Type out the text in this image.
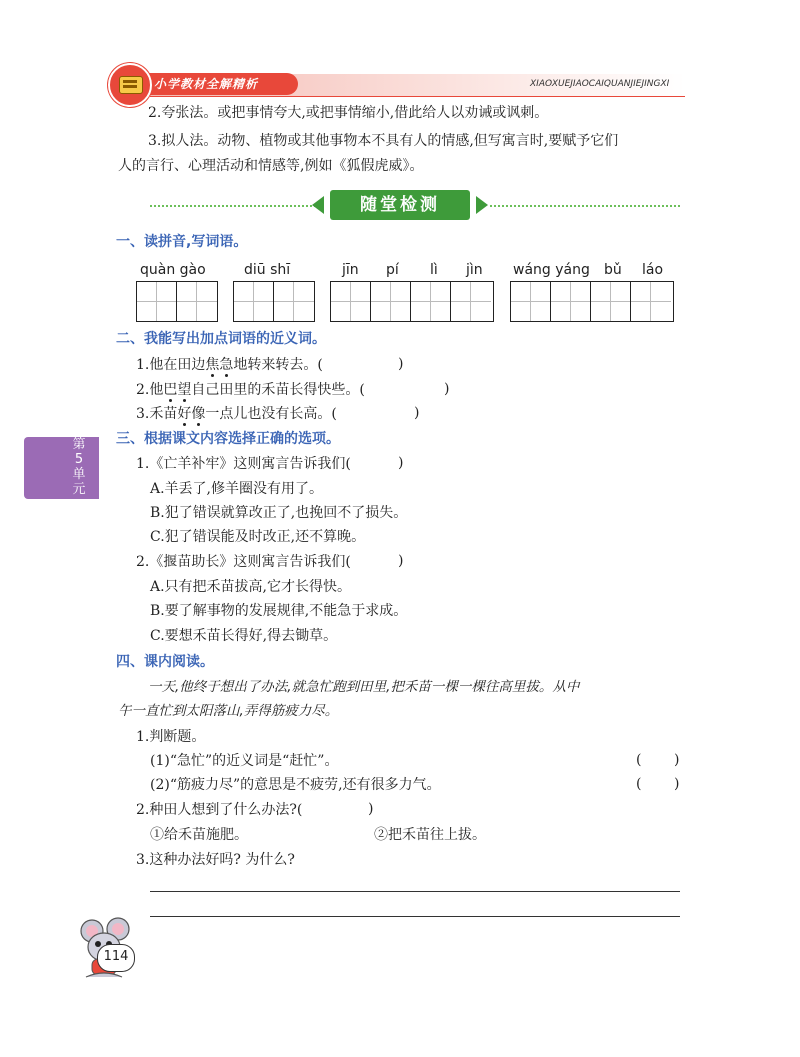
小学教材全解精析	XIAOXUEJIAOCAIQUANJIEJINGXI
2.夸张法。或把事情夸大,或把事情缩小,借此给人以劝诫或讽刺。
3.拟人法。动物、植物或其他事物本不具有人的情感,但写寓言时,要赋予它们
人的言行、心理活动和情感等,例如《狐假虎威》。
随堂检测
一、读拼音,写词语。
quàn gào	diū shī	jīn pí lì jìn wáng yáng bǔ láo
二、我能写出加点词语的近义词。
1.他在田边焦急地转来转去。(	)
2.他巴望自己田里的禾苗长得快些。(	)
3.禾苗好像一点儿也没有长高。(	)
第
5
单
元
三、根据课文内容选择正确的选项。
1.《亡羊补牢》这则寓言告诉我们(	)
A.羊丢了,修羊圈没有用了。
B.犯了错误就算改正了,也挽回不了损失。
C.犯了错误能及时改正,还不算晚。
2.《揠苗助长》这则寓言告诉我们(	)
A.只有把禾苗拔高,它才长得快。
B.要了解事物的发展规律,不能急于求成。
C.要想禾苗长得好,得去锄草。
四、课内阅读。
一天,他终于想出了办法,就急忙跑到田里,把禾苗一棵一棵往高里拔。从中
午一直忙到太阳落山,弄得筋疲力尽。
1.判断题。
(1)“急忙”的近义词是“赶忙”。	( )
(2)“筋疲力尽”的意思是不疲劳,还有很多力气。	( )
2.种田人想到了什么办法?(	)
①给禾苗施肥。	②把禾苗往上拔。
3.这种办法好吗? 为什么?
114
